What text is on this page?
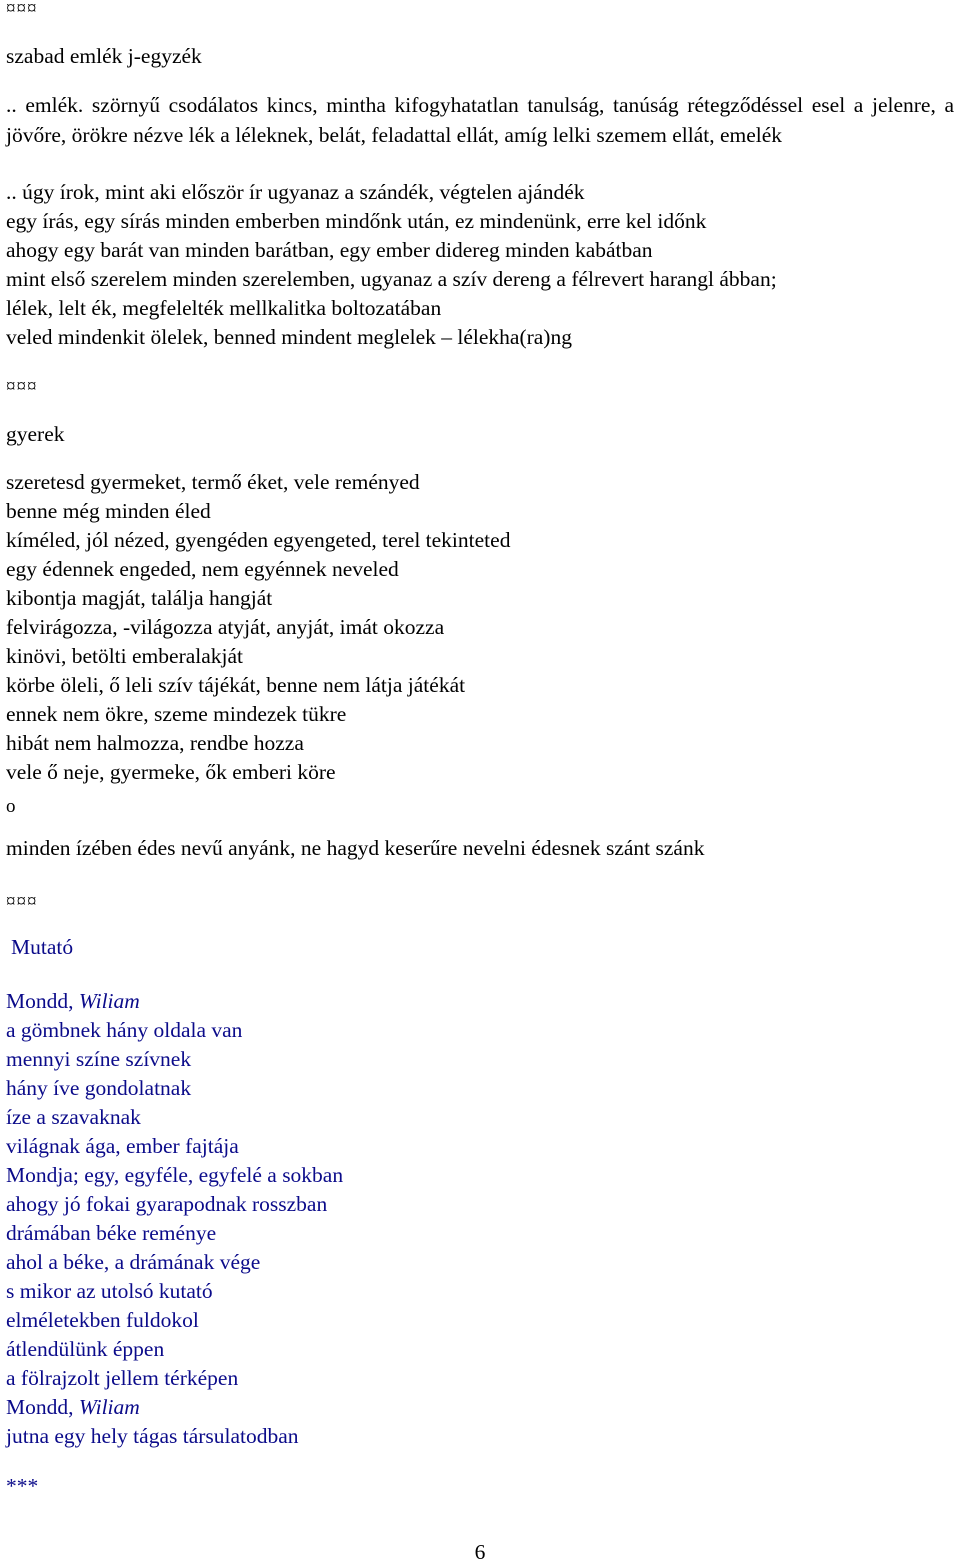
¤¤¤
szabad emlék j-egyzék
.. emlék. szörnyű csodálatos kincs, mintha kifogyhatatlan tanulság, tanúság rétegződéssel esel a jelenre, a jövőre, örökre nézve lék a léleknek, belát, feladattal ellát, amíg lelki szemem ellát, emelék
.. úgy írok, mint aki először ír ugyanaz a szándék, végtelen ajándék
egy írás, egy sírás minden emberben mindőnk után, ez mindenünk, erre kel időnk
ahogy egy barát van minden barátban, egy ember didereg minden kabátban
mint első szerelem minden szerelemben, ugyanaz a szív dereng a félrevert harangl ábban;
lélek, lelt ék, megfelelték mellkalitka boltozatában
veled mindenkit ölelek, benned mindent meglelek – lélekha(ra)ng
¤¤¤
gyerek
szeretesd gyermeket, termő éket, vele reményed
benne még minden éled
kíméled, jól nézed, gyengéden egyengeted, terel tekinteted
egy édennek engeded, nem egyénnek neveled
kibontja magját, találja hangját
felvirágozza, -világozza atyját, anyját, imát okozza
kinövi, betölti emberalakját
körbe öleli, ő leli szív tájékát, benne nem látja játékát
ennek nem ökre, szeme mindezek tükre
hibát nem halmozza, rendbe hozza
vele ő neje, gyermeke, ők emberi köre
o
minden ízében édes nevű anyánk, ne hagyd keserűre nevelni édesnek szánt szánk
¤¤¤
Mutató
Mondd, Wiliam
a gömbnek hány oldala van
mennyi színe szívnek
hány íve gondolatnak
íze a szavaknak
világnak ága, ember fajtája
Mondja; egy, egyféle, egyfelé a sokban
ahogy jó fokai gyarapodnak rosszban
drámában béke reménye
ahol a béke, a drámának vége
s mikor az utolsó kutató
elméletekben fuldokol
átlendülünk éppen
a fölrajzolt jellem térképen
Mondd, Wiliam
jutna egy hely tágas társulatodban
***
6
